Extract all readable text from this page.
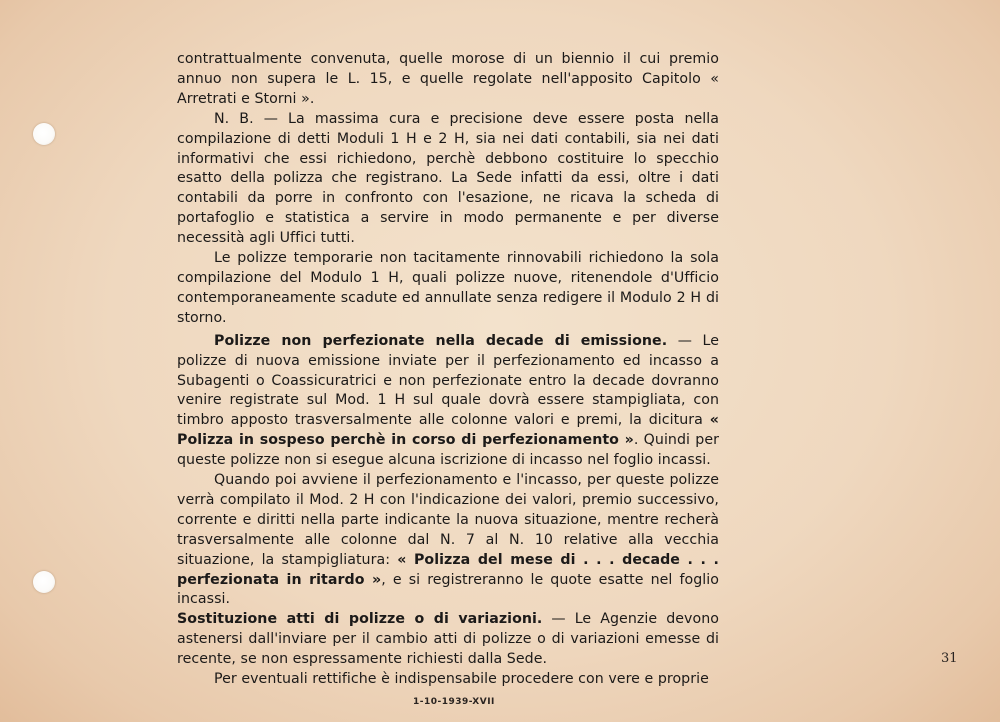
contrattualmente convenuta, quelle morose di un biennio il cui premio annuo non supera le L. 15, e quelle regolate nell'apposito Capitolo « Arretrati e Storni ».

N. B. — La massima cura e precisione deve essere posta nella compilazione di detti Moduli 1 H e 2 H, sia nei dati contabili, sia nei dati informativi che essi richiedono, perchè debbono costituire lo specchio esatto della polizza che registrano. La Sede infatti da essi, oltre i dati contabili da porre in confronto con l'esazione, ne ricava la scheda di portafoglio e statistica a servire in modo permanente e per diverse necessità agli Uffici tutti.

Le polizze temporarie non tacitamente rinnovabili richiedono la sola compilazione del Modulo 1 H, quali polizze nuove, ritenendole d'Ufficio contemporaneamente scadute ed annullate senza redigere il Modulo 2 H di storno.

Polizze non perfezionate nella decade di emissione. — Le polizze di nuova emissione inviate per il perfezionamento ed incasso a Subagenti o Coassicuratrici e non perfezionate entro la decade dovranno venire registrate sul Mod. 1 H sul quale dovrà essere stampigliata, con timbro apposto trasversalmente alle colonne valori e premi, la dicitura « Polizza in sospeso perchè in corso di perfezionamento ». Quindi per queste polizze non si esegue alcuna iscrizione di incasso nel foglio incassi.

Quando poi avviene il perfezionamento e l'incasso, per queste polizze verrà compilato il Mod. 2 H con l'indicazione dei valori, premio successivo, corrente e diritti nella parte indicante la nuova situazione, mentre recherà trasversalmente alle colonne dal N. 7 al N. 10 relative alla vecchia situazione, la stampigliatura: « Polizza del mese di . . . decade . . . perfezionata in ritardo », e si registreranno le quote esatte nel foglio incassi.

Sostituzione atti di polizze o di variazioni. — Le Agenzie devono astenersi dall'inviare per il cambio atti di polizze o di variazioni emesse di recente, se non espressamente richiesti dalla Sede.

Per eventuali rettifiche è indispensabile procedere con vere e proprie

31
1-10-1939-XVII
